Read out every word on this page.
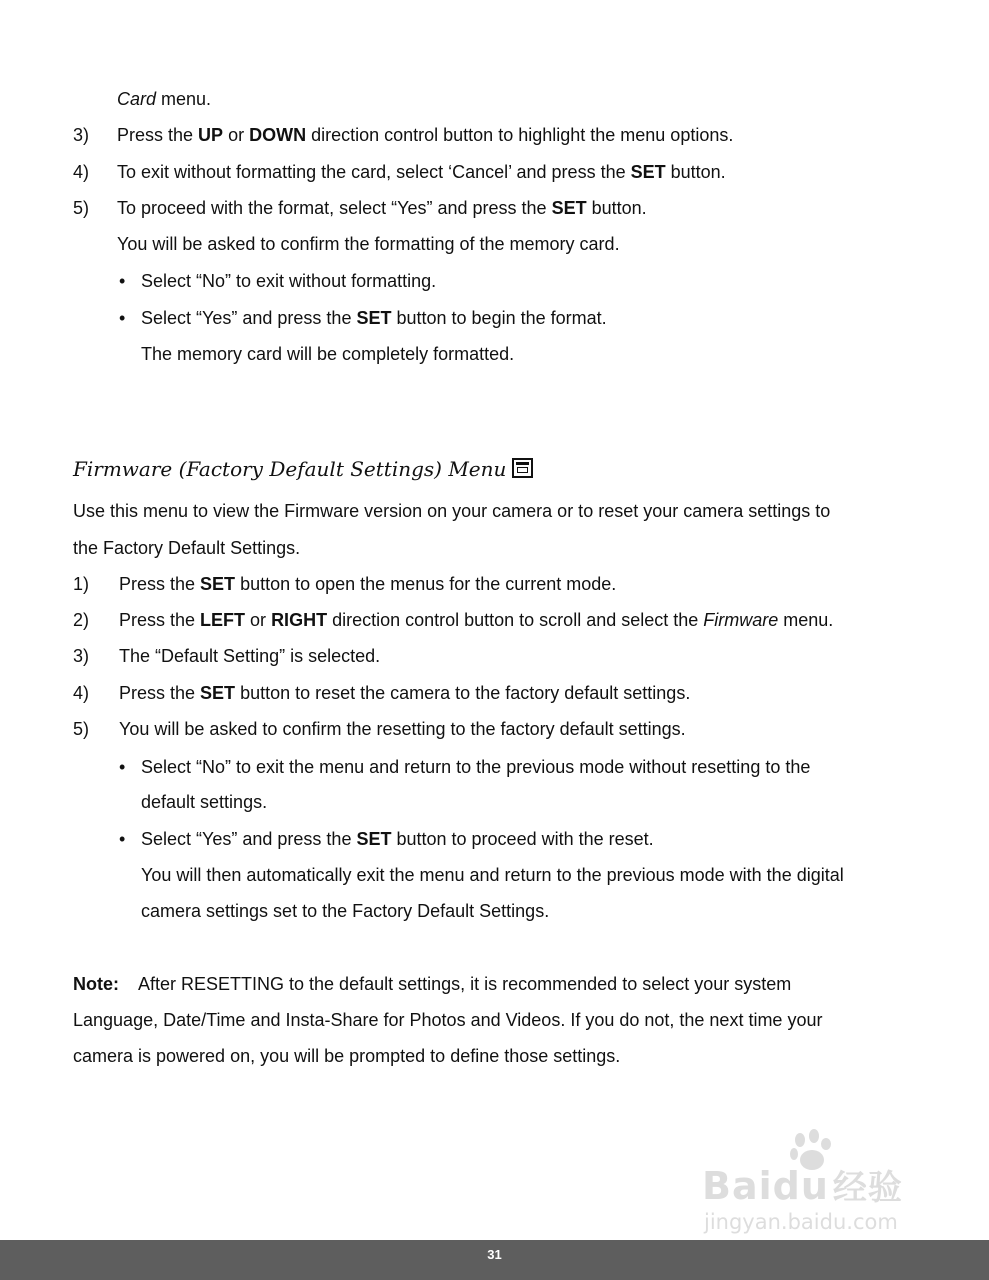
Card menu.
3) Press the UP or DOWN direction control button to highlight the menu options.
4) To exit without formatting the card, select ‘Cancel’ and press the SET button.
5) To proceed with the format, select “Yes” and press the SET button.
You will be asked to confirm the formatting of the memory card.
• Select “No” to exit without formatting.
• Select “Yes” and press the SET button to begin the format.
The memory card will be completely formatted.
Firmware (Factory Default Settings) Menu
Use this menu to view the Firmware version on your camera or to reset your camera settings to
the Factory Default Settings.
1) Press the SET button to open the menus for the current mode.
2) Press the LEFT or RIGHT direction control button to scroll and select the Firmware menu.
3) The “Default Setting” is selected.
4) Press the SET button to reset the camera to the factory default settings.
5) You will be asked to confirm the resetting to the factory default settings.
• Select “No” to exit the menu and return to the previous mode without resetting to the
default settings.
• Select “Yes” and press the SET button to proceed with the reset.
You will then automatically exit the menu and return to the previous mode with the digital
camera settings set to the Factory Default Settings.
Note: After RESETTING to the default settings, it is recommended to select your system
Language, Date/Time and Insta-Share for Photos and Videos. If you do not, the next time your
camera is powered on, you will be prompted to define those settings.
Baidu 经验
jingyan.baidu.com
31
